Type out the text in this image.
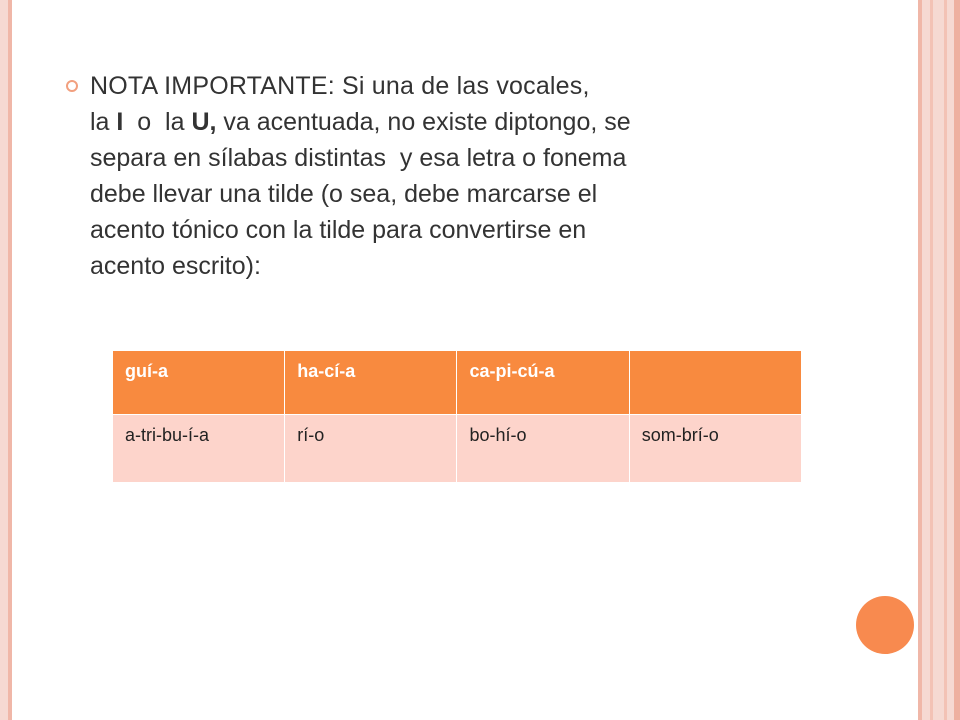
NOTA IMPORTANTE: Si una de las vocales,

la I  o  la U, va acentuada, no existe diptongo, se

separa en sílabas distintas  y esa letra o fonema

debe llevar una tilde (o sea, debe marcarse el

acento tónico con la tilde para convertirse en

acento escrito):

guí-a	ha-cí-a	ca-pi-cú-a	
a-tri-bu-í-a	rí-o	bo-hí-o	som-brí-o
